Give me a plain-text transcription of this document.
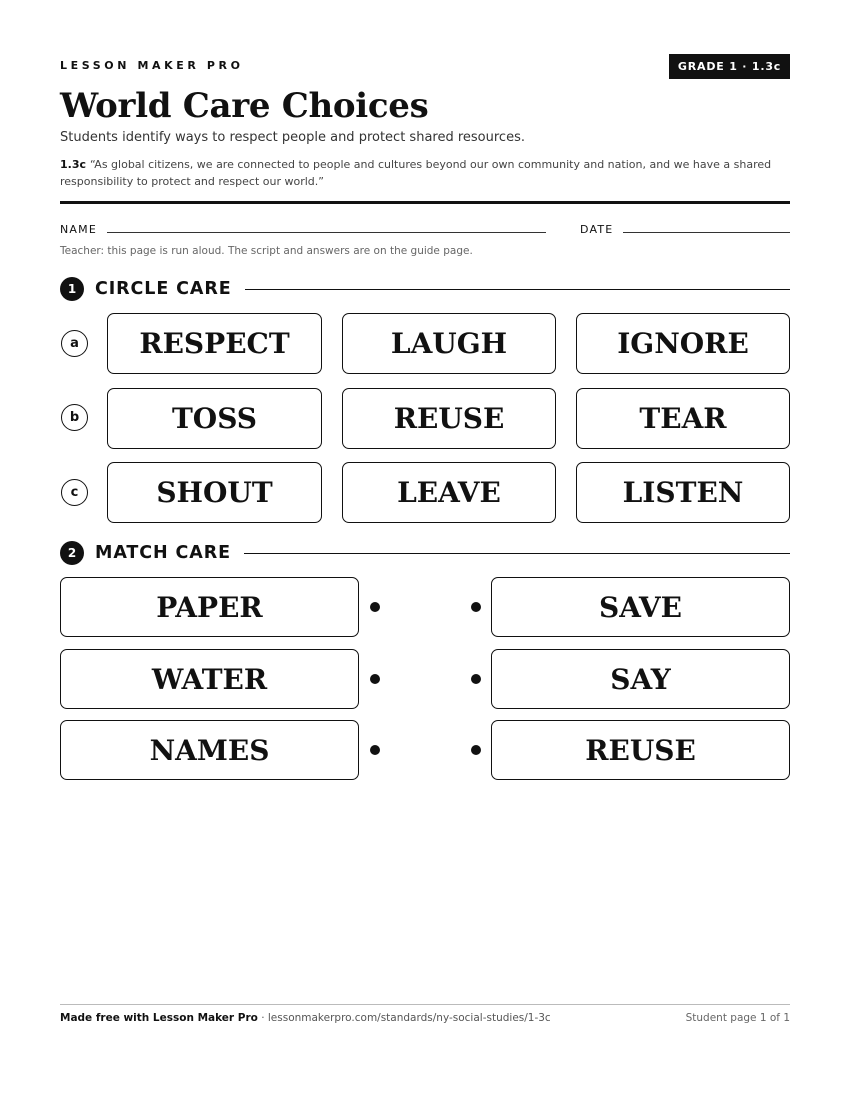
LESSON MAKER PRO	GRADE 1 · 1.3c
World Care Choices
Students identify ways to respect people and protect shared resources.
1.3c “As global citizens, we are connected to people and cultures beyond our own community and nation, and we have a shared responsibility to protect and respect our world.”
NAME	DATE
Teacher: this page is run aloud. The script and answers are on the guide page.
1	CIRCLE CARE
a	RESPECT	LAUGH	IGNORE
b	TOSS	REUSE	TEAR
c	SHOUT	LEAVE	LISTEN
2	MATCH CARE
PAPER	SAVE
WATER	SAY
NAMES	REUSE
Made free with Lesson Maker Pro · lessonmakerpro.com/standards/ny-social-studies/1-3c	Student page 1 of 1
